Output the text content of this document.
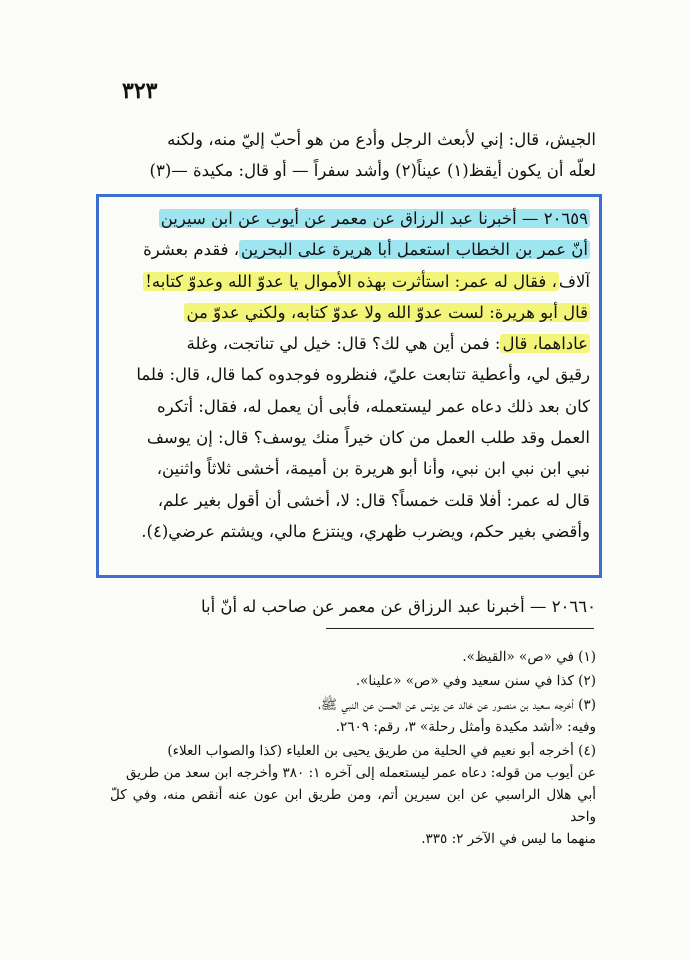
٣٢٣

الجيش، قال: إني لأبعث الرجل وأدع من هو أحبّ إليّ منه، ولكنه

لعلّه أن يكون أيقظ(١) عيناً(٢) وأشد سفراً — أو قال: مكيدة —(٣)

٢٠٦٥٩ — أخبرنا عبد الرزاق عن معمر عن أيوب عن ابن سيرين

أنّ عمر بن الخطاب استعمل أبا هريرة على البحرين، فقدم بعشرة

آلاف، فقال له عمر: استأثرت بهذه الأموال يا عدوّ الله وعدوّ كتابه!

قال أبو هريرة: لست عدوّ الله ولا عدوّ كتابه، ولكني عدوّ من

عاداهما، قال: فمن أين هي لك؟ قال: خيل لي تناتجت، وغلة

رقيق لي، وأعطية تتابعت عليّ، فنظروه فوجدوه كما قال، قال: فلما

كان بعد ذلك دعاه عمر ليستعمله، فأبى أن يعمل له، فقال: أتكره

العمل وقد طلب العمل من كان خيراً منك يوسف؟ قال: إن يوسف

نبي ابن نبي ابن نبي، وأنا أبو هريرة بن أميمة، أخشى ثلاثاً واثنين،

قال له عمر: أفلا قلت خمساً؟ قال: لا، أخشى أن أقول بغير علم،

وأقضي بغير حكم، ويضرب ظهري، وينتزع مالي، ويشتم عرضي(٤).

٢٠٦٦٠ — أخبرنا عبد الرزاق عن معمر عن صاحب له أنّ أبا

(١) في «ص» «القيظ».

(٢) كذا في سنن سعيد وفي «ص» «علينا».

(٣) أخرجه سعيد بن منصور عن خالد عن يونس عن الحسن عن النبي ﷺ،

وفيه: «أشد مكيدة وأمثل رحلة» ٣، رقم: ٢٦٠٩.

(٤) أخرجه أبو نعيم في الحلية من طريق يحيى بن العلياء (كذا والصواب العلاء)

عن أيوب من قوله: دعاه عمر ليستعمله إلى آخره ١: ٣٨٠ وأخرجه ابن سعد من طريق

أبي هلال الراسبي عن ابن سيرين أتم، ومن طريق ابن عون عنه أنقص منه، وفي كلّ واحد

منهما ما ليس في الآخر ٢: ٣٣٥.
